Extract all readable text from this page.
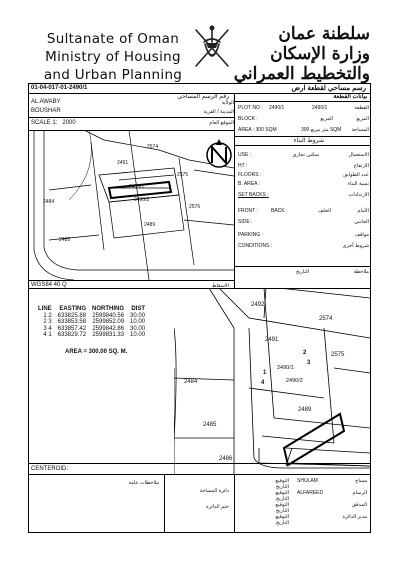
Sultanate of Oman
Ministry of Housing
and Urban Planning
سلطنة عمان
وزارة الإسكان
والتخطيط العمراني
01-04-017-01-2490/1	رسم مساحي لقطعة ارض
رقم الرسم المساحي
AL AWABY	الولاية
BOUSHAR	المدينة / القرية
SCALE 1: 2000	الموقع العام
2574
2491
2575
2490/1
2490/2
2576
2484
2489
2485
WGS84 40 Q	الاسقاط
بيانات القطعة
PLOT NO : 2490/1	2490/1	القطعة
BLOCK :	المربع	المربع
AREA : 300 SQM	متر مربع 300 SQM	المساحة
شروط البناء
USE :	سكني تجاري	الاستعمال
HT :	الارتفاع
FLOORS :	عدد الطوابق
B. AREA :	نسبة البناء
SET BACKS :	الارتدادات
FRONT :	BACK :	الخلف	الأمام
SIDE :	الجانبي
PARKING :	مواقف
CONDITIONS :	شروط أخرى
ملاحظة
التاريخ
LINE	EASTING	NORTHING	DIST
1 2	633825.88	2599840.56	30.00
2 3	633853.58	2599852.09	10.00
3 4	633857.42	2599842.86	30.00
4 1	633829.72	2599831.33	10.00
AREA = 300.00 SQ. M.
2492
2574
2491
2575
2490/1
2490/2
2484
2489
2485
2486
2
3
4
1
CENTEROID:
ملاحظات عامة
دائرة المساحة
ختم الدائرة
SHULAM
التوقيع	مساح
التاريخ
ALFAREED
التوقيع	الرسام
التاريخ
التوقيع	المدقق
التاريخ
التوقيع	مدير الدائرة
التاريخ
